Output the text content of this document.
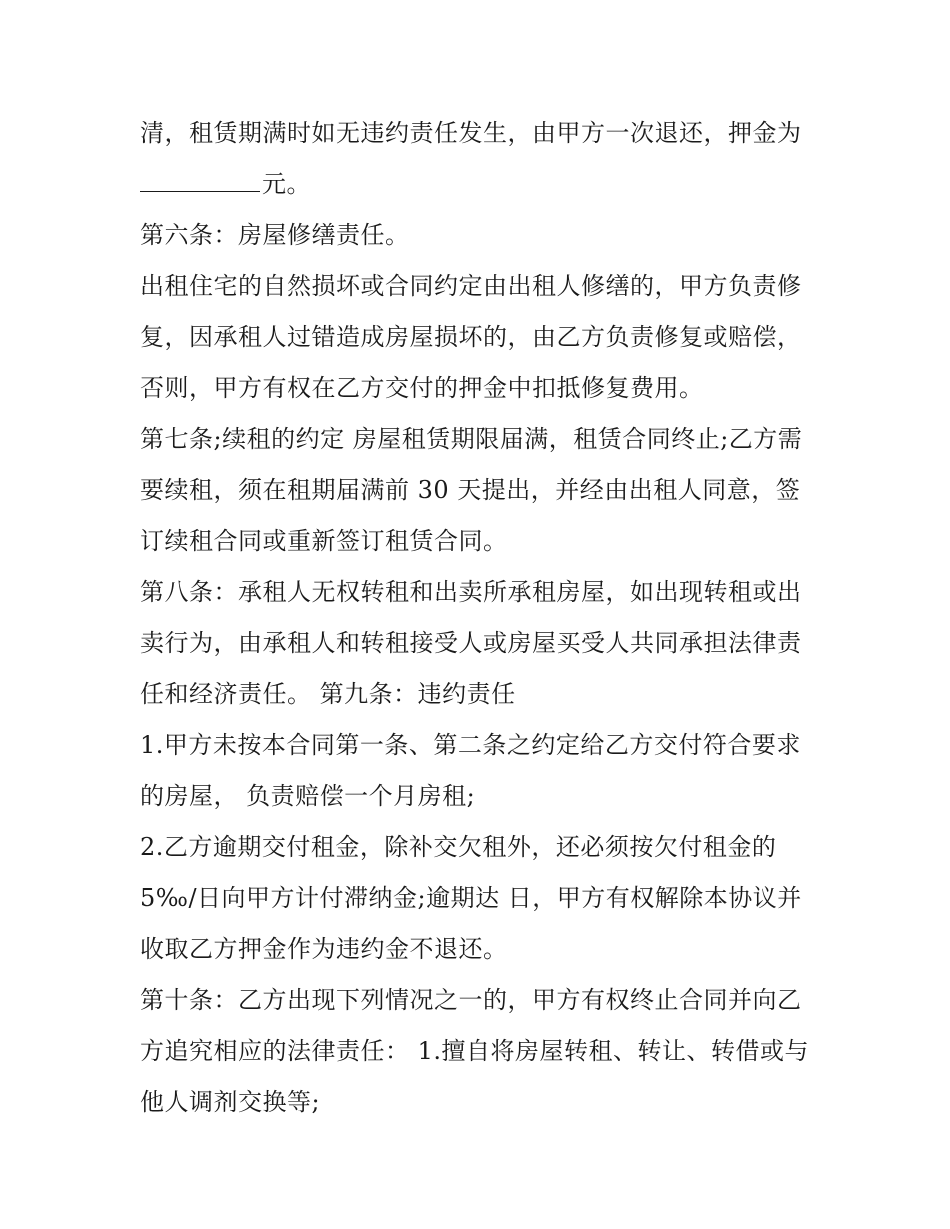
清，租赁期满时如无违约责任发生，由甲方一次退还，押金为
元。
第六条：房屋修缮责任。
出租住宅的自然损坏或合同约定由出租人修缮的，甲方负责修
复，因承租人过错造成房屋损坏的，由乙方负责修复或赔偿，
否则，甲方有权在乙方交付的押金中扣抵修复费用。
第七条;续租的约定 房屋租赁期限届满，租赁合同终止;乙方需
要续租，须在租期届满前 30 天提出，并经由出租人同意，签
订续租合同或重新签订租赁合同。
第八条：承租人无权转租和出卖所承租房屋，如出现转租或出
卖行为，由承租人和转租接受人或房屋买受人共同承担法律责
任和经济责任。 第九条：违约责任
1.甲方未按本合同第一条、第二条之约定给乙方交付符合要求
的房屋， 负责赔偿一个月房租;
2.乙方逾期交付租金，除补交欠租外，还必须按欠付租金的
5‰/日向甲方计付滞纳金;逾期达 日，甲方有权解除本协议并
收取乙方押金作为违约金不退还。
第十条：乙方出现下列情况之一的，甲方有权终止合同并向乙
方追究相应的法律责任： 1.擅自将房屋转租、转让、转借或与
他人调剂交换等;
